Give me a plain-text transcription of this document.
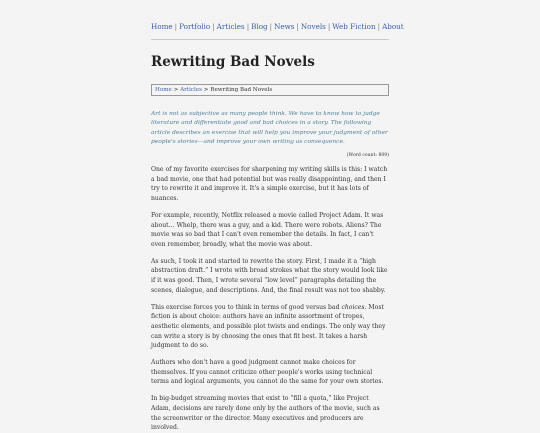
Home | Portfolio | Articles | Blog | News | Novels | Web Fiction | About
Rewriting Bad Novels
Home > Articles > Rewriting Bad Novels

Art is not as subjective as many people think. We have to know how to judge literature and differentiate good and bad choices in a story. The following article describes an exercise that will help you improve your judgment of other people's stories—and improve your own writing as consequence.

(Word count: 809)

One of my favorite exercises for sharpening my writing skills is this: I watch a bad movie, one that had potential but was really disappointing, and then I try to rewrite it and improve it. It's a simple exercise, but it has lots of nuances.

For example, recently, Netflix released a movie called Project Adam. It was about… Whelp, there was a guy, and a kid. There were robots. Aliens? The movie was so bad that I can't even remember the details. In fact, I can't even remember, broadly, what the movie was about.

As such, I took it and started to rewrite the story. First, I made it a “high abstraction draft.” I wrote with broad strokes what the story would look like if it was good. Then, I wrote several “low level” paragraphs detailing the scenes, dialogue, and descriptions. And, the final result was not too shabby.

This exercise forces you to think in terms of good versus bad choices. Most fiction is about choice: authors have an infinite assortment of tropes, aesthetic elements, and possible plot twists and endings. The only way they can write a story is by choosing the ones that fit best. It takes a harsh judgment to do so.

Authors who don't have a good judgment cannot make choices for themselves. If you cannot criticize other people's works using technical terms and logical arguments, you cannot do the same for your own stories.

In big-budget streaming movies that exist to “fill a quota,” like Project Adam, decisions are rarely done only by the authors of the movie, such as the screenwriter or the director. Many executives and producers are involved.
